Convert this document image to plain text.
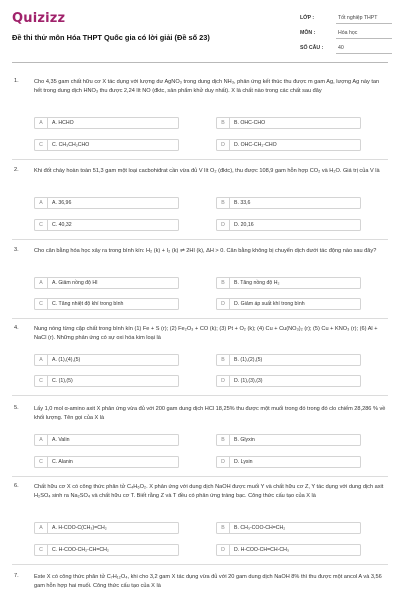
Quizizz
Đề thi thử môn Hóa THPT Quốc gia có lời giải (Đề số 23)
LỚP :	Tốt nghiệp THPT
MÔN :	Hóa học
SỐ CÂU :	40
1.	Cho 4,35 gam chất hữu cơ X tác dụng với lượng dư AgNO₃ trong dung dịch NH₃, phản ứng kết thúc thu được m gam Ag, lượng Ag này tan hết trong dung dịch HNO₃ thu được 2,24 lít NO (đktc, sản phẩm khử duy nhất). X là chất nào trong các chất sau đây
A	A. HCHO	B	B. OHC-CHO
C	C. CH₃CH₂CHO	D	D. OHC-CH₂-CHO
2.	Khi đốt cháy hoàn toàn 51,3 gam một loại cacbohiđrat cần vừa đủ V lít O₂ (đktc), thu được 108,9 gam hỗn hợp CO₂ và H₂O. Giá trị của V là
A	A. 36,96	B	B. 33,6
C	C. 40,32	D	D. 20,16
3.	Cho cân bằng hóa học xảy ra trong bình kín: H₂ (k) + I₂ (k) ⇌ 2HI (k), ΔH > 0. Cân bằng không bị chuyển dịch dưới tác động nào sau đây?
A	A. Giảm nồng độ HI	B	B. Tăng nồng độ H₂
C	C. Tăng nhiệt độ khí trong bình	D	D. Giảm áp suất khí trong bình
4.	Nung nóng từng cặp chất trong bình kín (1) Fe + S (r); (2) Fe₂O₃ + CO (k); (3) Pt + O₂ (k); (4) Cu + Cu(NO₃)₂ (r); (5) Cu + KNO₃ (r); (6) Al + NaCl (r). Những phản ứng có sự oxi hóa kim loại là
A	A. (1),(4),(5)	B	B. (1),(2),(5)
C	C. (1),(5)	D	D. (1),(3),(3)
5.	Lấy 1,0 mol α-amino axit X phản ứng vừa đủ với 200 gam dung dịch HCl 18,25% thu được một muối trong đó trong đó clo chiếm 28,286 % về khối lượng. Tên gọi của X là
A	A. Valin	B	B. Glyxin
C	C. Alanin	D	D. Lysin
6.	Chất hữu cơ X có công thức phân tử C₄H₆O₂. X phản ứng với dung dịch NaOH được muối Y và chất hữu cơ Z, Y tác dụng với dung dịch axit H₂SO₄ sinh ra Na₂SO₄ và chất hữu cơ T. Biết rằng Z và T đều có phản ứng tráng bạc. Công thức cấu tạo của X là
A	A. H-COO-C(CH₃)=CH₂	B	B. CH₃-COO-CH=CH₂
C	C. H-COO-CH₂-CH=CH₂	D	D. H-COO-CH=CH-CH₃
7.	Este X có công thức phân tử C₇H₁₂O₄, khi cho 3,2 gam X tác dụng vừa đủ với 20 gam dung dịch NaOH 8% thì thu được một ancol A và 3,56 gam hỗn hợp hai muối. Công thức cấu tạo của X là
